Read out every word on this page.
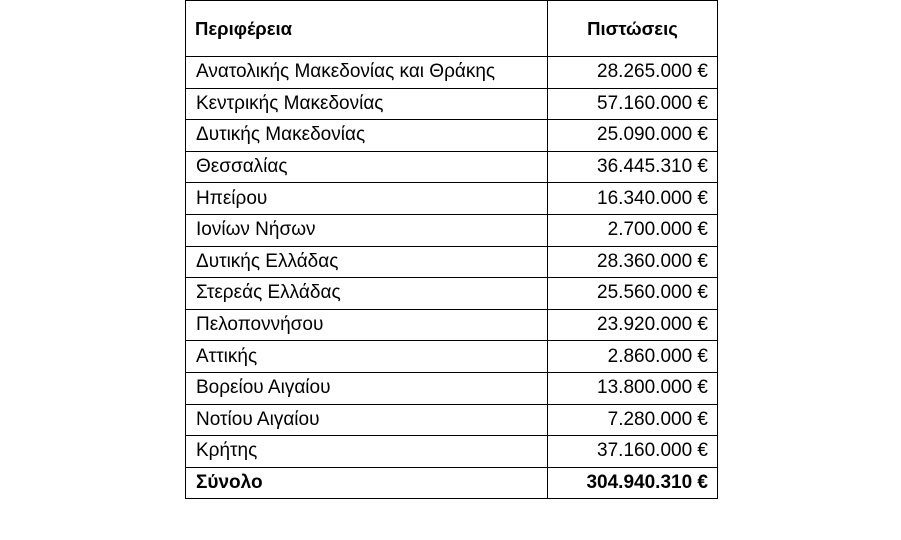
Περιφέρεια	Πιστώσεις
Ανατολικής Μακεδονίας και Θράκης	28.265.000 €
Κεντρικής Μακεδονίας	57.160.000 €
Δυτικής Μακεδονίας	25.090.000 €
Θεσσαλίας	36.445.310 €
Ηπείρου	16.340.000 €
Ιονίων Νήσων	2.700.000 €
Δυτικής Ελλάδας	28.360.000 €
Στερεάς Ελλάδας	25.560.000 €
Πελοποννήσου	23.920.000 €
Αττικής	2.860.000 €
Βορείου Αιγαίου	13.800.000 €
Νοτίου Αιγαίου	7.280.000 €
Κρήτης	37.160.000 €
Σύνολο	304.940.310 €
